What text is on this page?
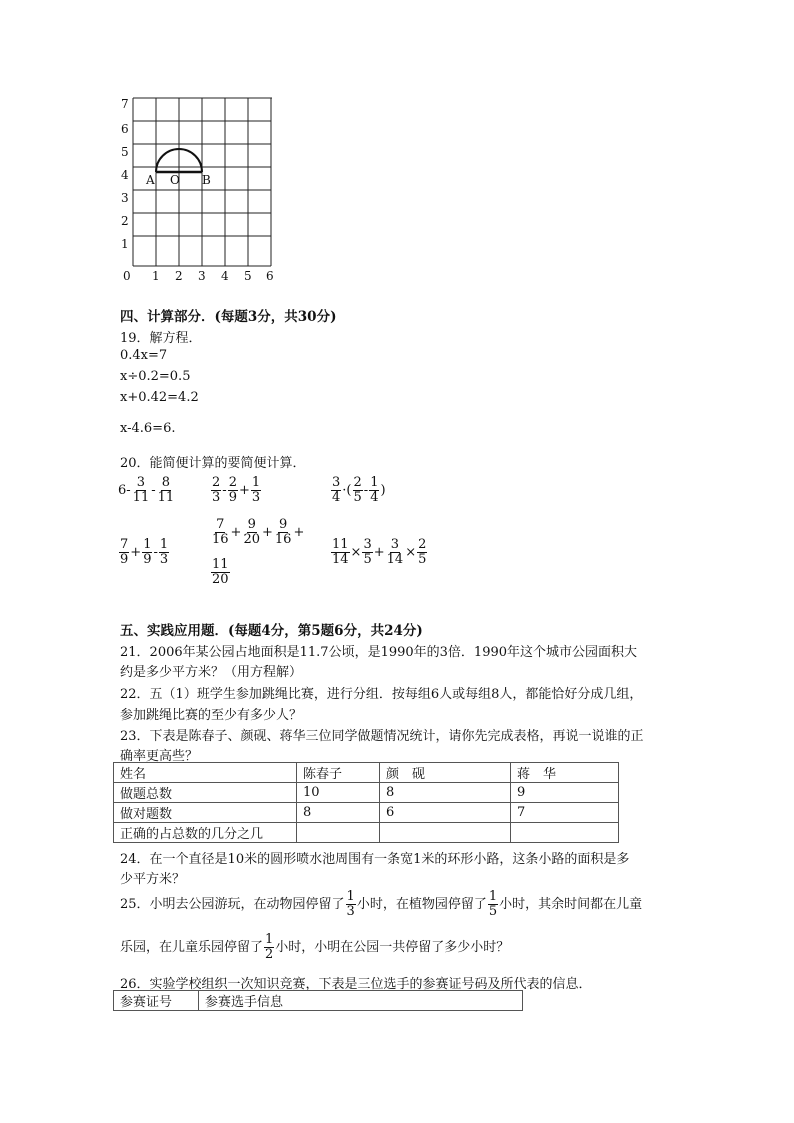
7
6
5
4
3
2
1
0 1 2 3 4 5 6
A O B
四、计算部分．(每题3分，共30分)
19．解方程．
0.4x=7
x÷0.2=0.5
x+0.42=4.2
x-4.6=6.
20．能简便计算的要简便计算．
$6- \frac{3}{11} - \frac{8}{11}$	$\frac{2}{3} - \frac{2}{9} + \frac{1}{3}$	$\frac{3}{4}$ ·( $\frac{2}{5} - \frac{1}{4}$ )
$\frac{7}{9} + \frac{1}{9} - \frac{1}{3}$
$\frac{7}{16} + \frac{9}{20} + \frac{9}{16}$ +
$\frac{11}{20}$
$\frac{11}{14} \times \frac{3}{5} + \frac{3}{14} \times \frac{2}{5}$
五、实践应用题．(每题4分，第5题6分，共24分)
21．2006年某公园占地面积是11.7公顷，是1990年的3倍．1990年这个城市公园面积大
约是多少平方米？（用方程解）
22．五（1）班学生参加跳绳比赛，进行分组．按每组6人或每组8人，都能恰好分成几组，
参加跳绳比赛的至少有多少人？
23．下表是陈春子、颜砚、蒋华三位同学做题情况统计，请你先完成表格，再说一说谁的正
确率更高些？
姓名	陈春子	颜　砚	蒋　华
做题总数	10	8	9
做对题数	8	6	7
正确的占总数的几分之几			
24．在一个直径是10米的圆形喷水池周围有一条宽1米的环形小路，这条小路的面积是多
少平方米？
25．小明去公园游玩，在动物园停留了 $\frac{1}{3}$ 小时，在植物园停留了 $\frac{1}{5}$ 小时，其余时间都在儿童
乐园，在儿童乐园停留了 $\frac{1}{2}$ 小时，小明在公园一共停留了多少小时？
26．实验学校组织一次知识竞赛，下表是三位选手的参赛证号码及所代表的信息．
参赛证号	参赛选手信息
